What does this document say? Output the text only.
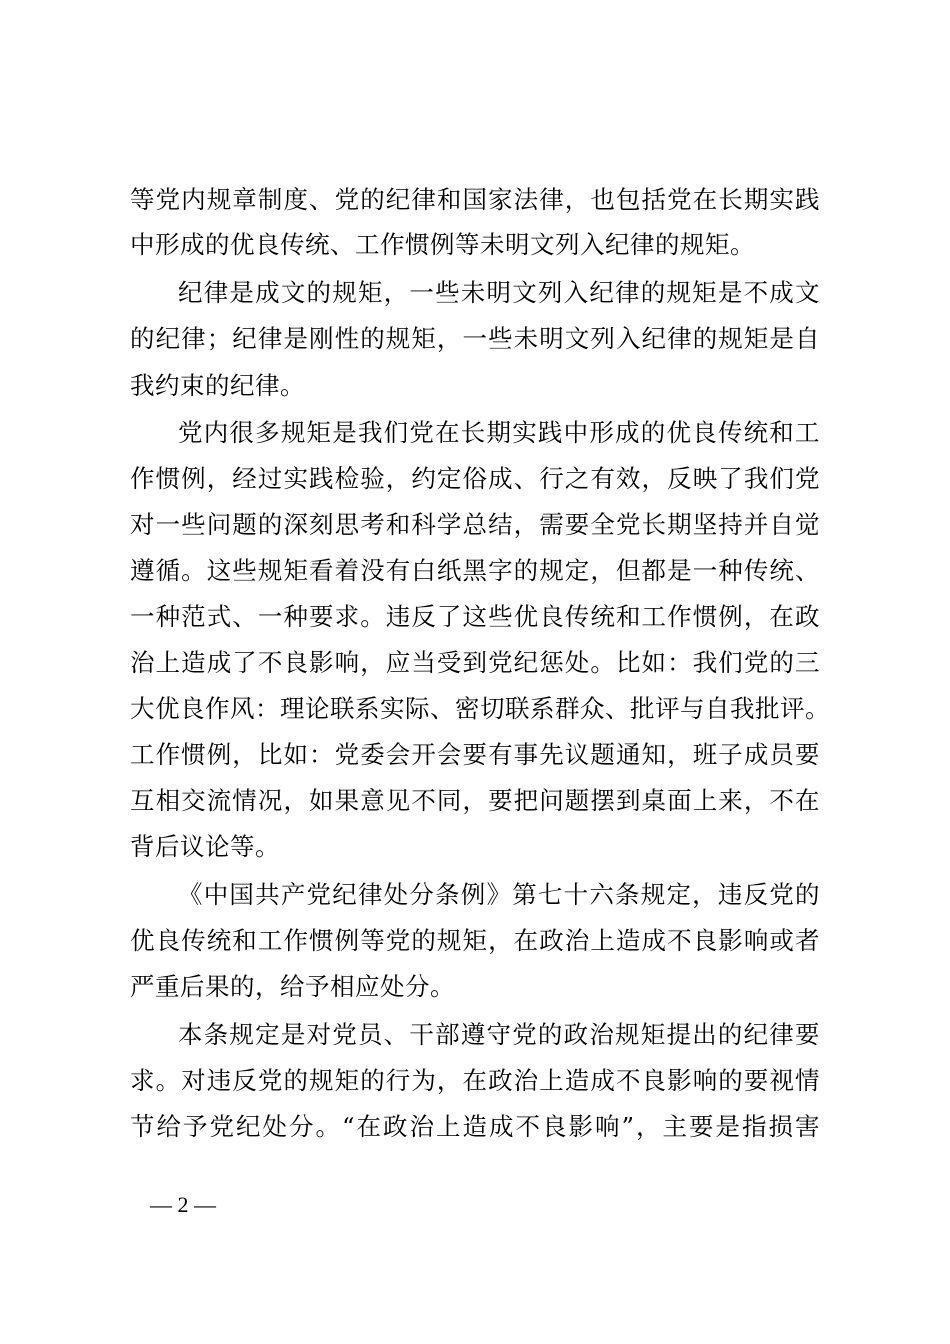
等党内规章制度、党的纪律和国家法律，也包括党在长期实践
中形成的优良传统、工作惯例等未明文列入纪律的规矩。
纪律是成文的规矩，一些未明文列入纪律的规矩是不成文
的纪律；纪律是刚性的规矩，一些未明文列入纪律的规矩是自
我约束的纪律。
党内很多规矩是我们党在长期实践中形成的优良传统和工
作惯例，经过实践检验，约定俗成、行之有效，反映了我们党
对一些问题的深刻思考和科学总结，需要全党长期坚持并自觉
遵循。这些规矩看着没有白纸黑字的规定，但都是一种传统、
一种范式、一种要求。违反了这些优良传统和工作惯例，在政
治上造成了不良影响，应当受到党纪惩处。比如：我们党的三
大优良作风：理论联系实际、密切联系群众、批评与自我批评。
工作惯例，比如：党委会开会要有事先议题通知，班子成员要
互相交流情况，如果意见不同，要把问题摆到桌面上来，不在
背后议论等。
《中国共产党纪律处分条例》第七十六条规定，违反党的
优良传统和工作惯例等党的规矩，在政治上造成不良影响或者
严重后果的，给予相应处分。
本条规定是对党员、干部遵守党的政治规矩提出的纪律要
求。对违反党的规矩的行为，在政治上造成不良影响的要视情
节给予党纪处分。“在政治上造成不良影响”，主要是指损害
— 2 —
